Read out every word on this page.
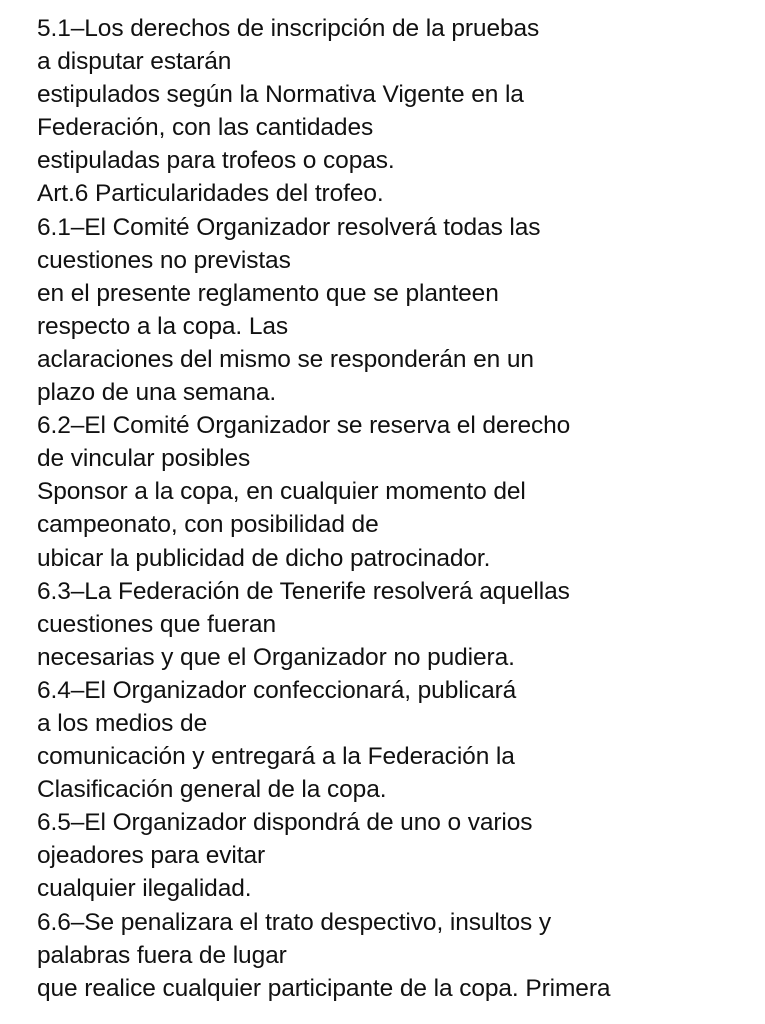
5.1–Los derechos de inscripción de la pruebas
a disputar estarán
estipulados según la Normativa Vigente en la
Federación, con las cantidades
estipuladas para trofeos o copas.
Art.6 Particularidades del trofeo.
6.1–El Comité Organizador resolverá todas las
cuestiones no previstas
en el presente reglamento que se planteen
respecto a la copa. Las
aclaraciones del mismo se responderán en un
plazo de una semana.
6.2–El Comité Organizador se reserva el derecho
de vincular posibles
Sponsor a la copa, en cualquier momento del
campeonato, con posibilidad de
ubicar la publicidad de dicho patrocinador.
6.3–La Federación de Tenerife resolverá aquellas
cuestiones que fueran
necesarias y que el Organizador no pudiera.
6.4–El Organizador confeccionará, publicará
a los medios de
comunicación y entregará a la Federación la
Clasificación general de la copa.
6.5–El Organizador dispondrá de uno o varios
ojeadores para evitar
cualquier ilegalidad.
6.6–Se penalizara el trato despectivo, insultos y
palabras fuera de lugar
que realice cualquier participante de la copa. Primera
